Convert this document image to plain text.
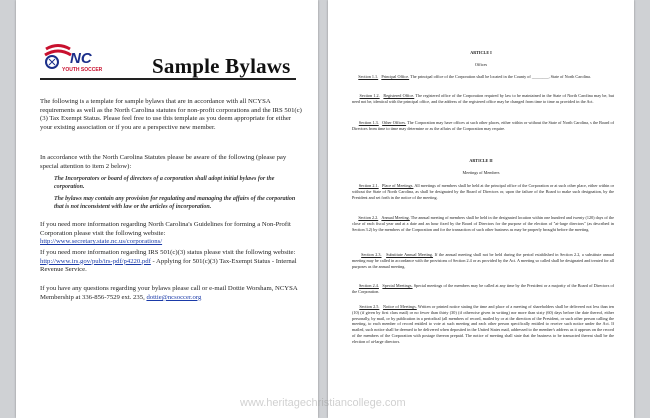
NC
YOUTH SOCCER Sample Bylaws
The following is a template for sample bylaws that are in accordance with all NCYSA requirements as well as the North Carolina statutes for non-profit corporations and the IRS 501(c)(3) Tax Exempt Status. Please feel free to use this template as you deem appropriate for either your existing association or if you are a perspective new member.
In accordance with the North Carolina Statutes please be aware of the following (please pay special attention to item 2 below):
The Incorporators or board of directors of a corporation shall adopt initial bylaws for the corporation.
The bylaws may contain any provision for regulating and managing the affairs of the corporation that is not inconsistent with law or the articles of incorporation.
If you need more information regarding North Carolina's Guidelines for forming a Non-Profit Corporation please visit the following website:
http://www.secretary.state.nc.us/corporations/
If you need more information regarding IRS 501(c)(3) status please visit the following website: http://www.irs.gov/pub/irs-pdf/p4220.pdf - Applying for 501(c)(3) Tax-Exempt Status - Internal Revenue Service.
If you have any questions regarding your bylaws please call or e-mail Dottie Worsham, NCYSA Membership at 336-856-7529 ext. 235, dottie@ncsoccer.org
ARTICLE I
Offices
Section 1.1. Principal Office. The principal office of the Corporation shall be located in the County of ________, State of North Carolina.
Section 1.2. Registered Office. The registered office of the Corporation required by law to be maintained in the State of North Carolina may be, but need not be, identical with the principal office, and the address of the registered office may be changed from time to time as provided in the Act.
Section 1.3. Other Offices. The Corporation may have offices at such other places, either within or without the State of North Carolina, s the Board of Directors from time to time may determine or as the affairs of the Corporation may require.
ARTICLE II
Meetings of Members
Section 2.1. Place of Meetings. All meetings of members shall be held at the principal office of the Corporation or at such other place, either within or without the State of North Carolina, as shall be designated by the Board of Directors or, upon the failure of the Board to make such designation, by the President and set forth in the notice of the meeting.
Section 2.2. Annual Meeting. The annual meeting of members shall be held in the designated location within one hundred and twenty (120) days of the close of each fiscal year and at a date and an hour fixed by the Board of Directors for the purpose of the election of "at-large directors" (as described in Section 3.2) by the members of the Corporation and for the transaction of such other business as may be properly brought before the meeting.
Section 2.3. Substitute Annual Meeting. If the annual meeting shall not be held during the period established in Section 2.2, a substitute annual meeting may be called in accordance with the provisions of Section 2.4 or as provided by the Act. A meeting so called shall be designated and treated for all purposes as the annual meeting.
Section 2.4. Special Meetings. Special meetings of the members may be called at any time by the President or a majority of the Board of Directors of the Corporation.
Section 2.5. Notice of Meetings. Written or printed notice stating the time and place of a meeting of shareholders shall be delivered not less than ten (10) (if given by first class mail) or no fewer than thirty (30) (if otherwise given in writing) nor more than sixty (60) days before the date thereof, either personally, by mail, or by publication in a periodical (all members of record, mailed by or at the direction of the President, or such other person calling the meeting, to each member of record entitled to vote at such meeting and each other person specifically entitled to receive such notice under the Act. If mailed, such notice shall be deemed to be delivered when deposited in the United States mail, addressed to the member's address as it appears on the record of the members of the Corporation with postage thereon prepaid. The notice of meeting shall state that the business to be transacted thereat shall be the election of at-large directors.
www.heritagechristiancollege.com
